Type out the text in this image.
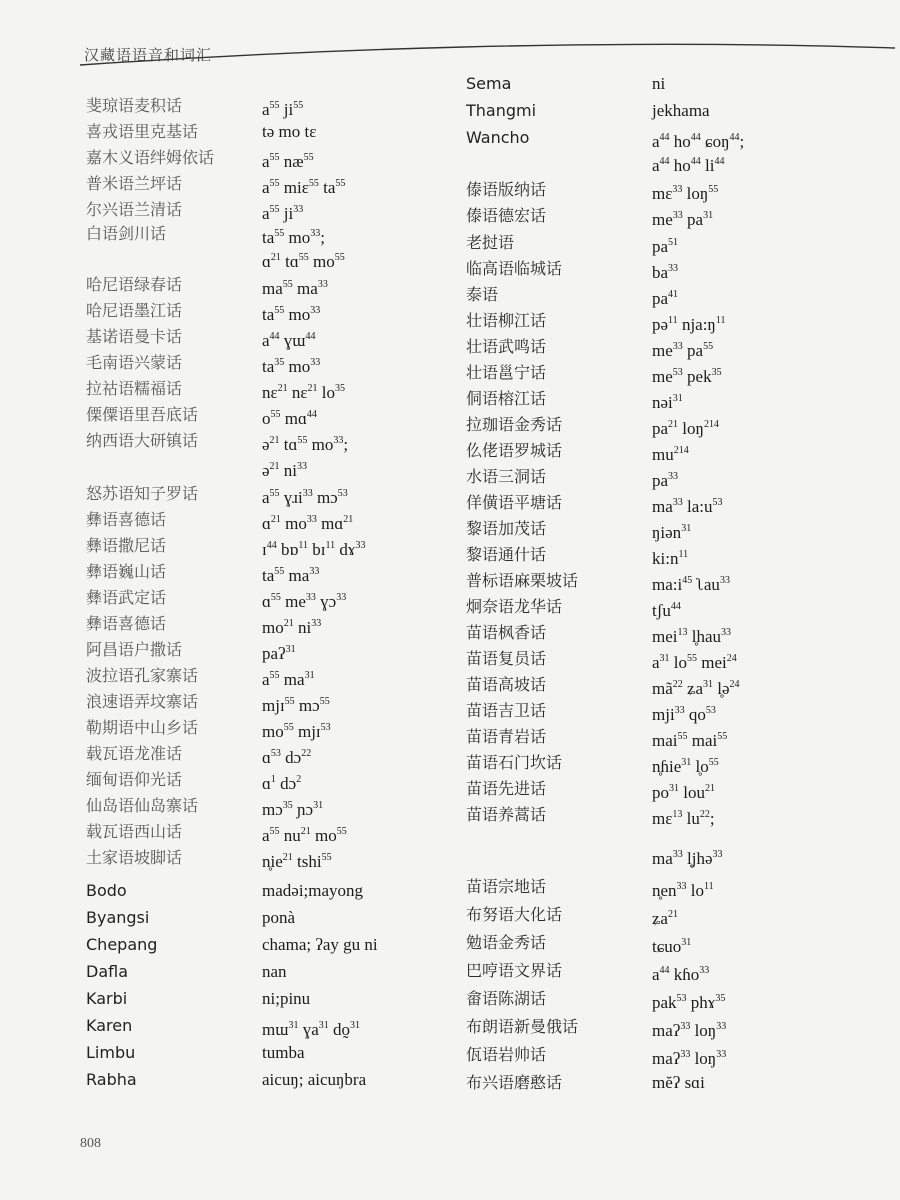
汉藏语语音和词汇
斐琼语麦积话	$a^{55}$ $ji^{55}$
喜戎语里克基话	tə mo tɛ
嘉木义语绊姆依话	$a^{55}$ $næ^{55}$
普米语兰坪话	$a^{55}$ miɛ$^{55}$ $ta^{55}$
尔兴语兰清话	$a^{55}$ $ji^{33}$
白语剑川话	$ta^{55}$ $mo^{33}$;
ɑ$^{21}$ tɑ$^{55}$ $mo^{55}$
哈尼语绿春话	$ma^{55}$ $ma^{33}$
哈尼语墨江话	$ta^{55}$ $mo^{33}$
基诺语曼卡话	$a^{44}$ ɣɯ$^{44}$
毛南语兴蒙话	$ta^{35}$ $mo^{33}$
拉祜语糯福话	nɛ$^{21}$ nɛ$^{21}$ $lo^{35}$
傈僳语里吾底话	$o^{55}$ mɑ$^{44}$
纳西语大研镇话	ə$^{21}$ tɑ$^{55}$ $mo^{33}$;
ə$^{21}$ $ni^{33}$
怒苏语知子罗话	$a^{55}$ ɣɹi$^{33}$ mɔ$^{53}$
彝语喜德话	ɑ$^{21}$ $mo^{33}$ mɑ$^{21}$
彝语撒尼话	ɪ$^{44}$ bɒ$^{11}$ bɪ$^{11}$ dɤ$^{33}$
彝语巍山话	$ta^{55}$ $ma^{33}$
彝语武定话	ɑ$^{55}$ $me^{33}$ ɣɔ$^{33}$
彝语喜德话	$mo^{21}$ $ni^{33}$
阿昌语户撒话	paʔ$^{31}$
波拉语孔家寨话	$a^{55}$ $ma^{31}$
浪速语弄坟寨话	mjɪ$^{55}$ mɔ$^{55}$
勒期语中山乡话	$mo^{55}$ mjɪ$^{53}$
载瓦语龙准话	ɑ$^{53}$ dɔ$^{22}$
缅甸语仰光话	ɑ$^1$ dɔ$^2$
仙岛语仙岛寨话	mɔ$^{35}$ ɲɔ$^{31}$
载瓦语西山话	$a^{55}$ $nu^{21}$ $mo^{55}$
土家语坡脚话	$n̥ie^{21}$ tshi$^{55}$
Bodo	madəi;mayong
Byangsi	ponà
Chepang	chama; ʔay gu ni
Dafla	nan
Karbi	ni;pinu
Karen	mɯ$^{31}$ ɣa$^{31}$ do̰$^{31}$
Limbu	tumba
Rabha	aicuŋ; aicuŋbra
Sema	ni
Thangmi	jekhama
Wancho	$a^{44}$ $ho^{44}$ ɕoŋ$^{44}$;
$a^{44}$ $ho^{44}$ $li^{44}$
傣语版纳话	mɛ$^{33}$ loŋ$^{55}$
傣语德宏话	$me^{33}$ $pa^{31}$
老挝语	$pa^{51}$
临高语临城话	$ba^{33}$
泰语	$pa^{41}$
壮语柳江话	pə$^{11}$ $nja:ŋ^{11}$
壮语武鸣话	$me^{33}$ $pa^{55}$
壮语邕宁话	$me^{53}$ pek$^{35}$
侗语榕江话	nəi$^{31}$
拉珈语金秀话	$pa^{21}$ loŋ$^{214}$
仫佬语罗城话	$mu^{214}$
水语三洞话	$pa^{33}$
佯僙语平塘话	$ma^{33}$ $la:u^{53}$
黎语加茂话	ŋiən$^{31}$
黎语通什话	$ki:n^{11}$
普标语麻栗坡话	$ma:i^{45}$ ʅau$^{33}$
炯奈语龙华话	tʃu$^{44}$
苗语枫香话	mei$^{13}$ l̥hau$^{33}$
苗语复员话	$a^{31}$ $lo^{55}$ mei$^{24}$
苗语高坡话	$mã^{22}$ ʑa$^{31}$ l̥ə$^{24}$
苗语吉卫话	mji$^{33}$ $qo^{53}$
苗语青岩话	mai$^{55}$ mai$^{55}$
苗语石门坎话	n̥ɦie$^{31}$ $l̥o^{55}$
苗语先进话	$po^{31}$ lou$^{21}$
苗语养蒿话	mɛ$^{13}$ $lu^{22}$;
$ma^{33}$ l̥jhə$^{33}$
苗语宗地话	$n̥en^{33}$ $lo^{11}$
布努语大化话	ʑa$^{21}$
勉语金秀话	tɕuo$^{31}$
巴哼语文界话	$a^{44}$ kɦo$^{33}$
畲语陈湖话	pak$^{53}$ phɤ$^{35}$
布朗语新曼俄话	maʔ$^{33}$ loŋ$^{33}$
佤语岩帅话	maʔ$^{33}$ loŋ$^{33}$
布兴语磨憨话	mĕʔ sɑi
808
